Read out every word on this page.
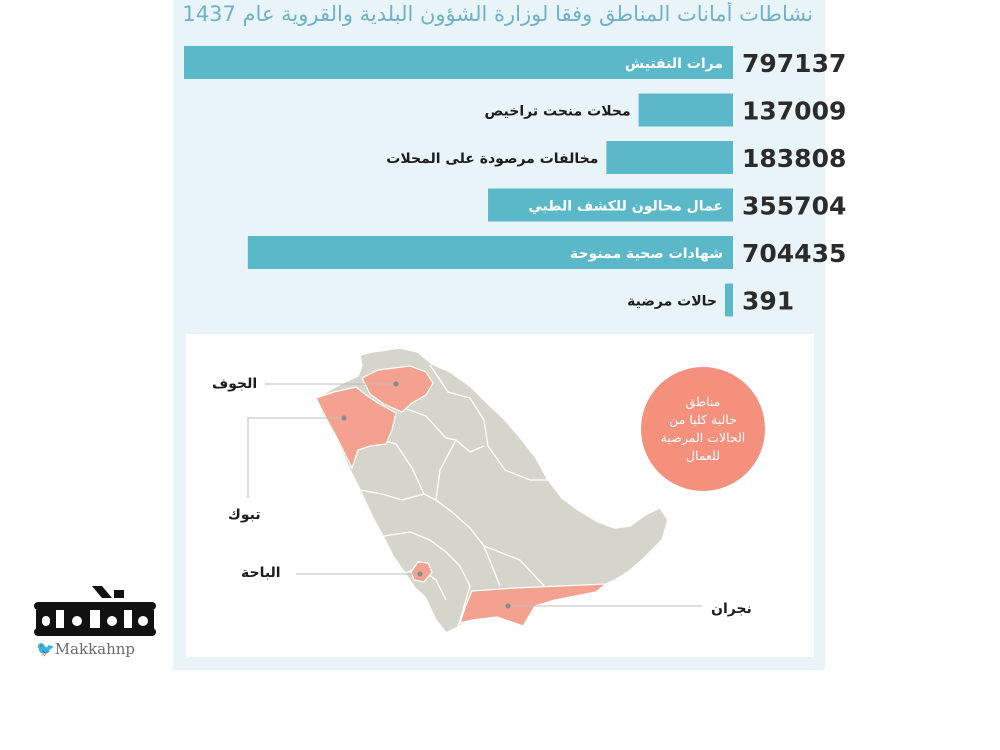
نشاطات أمانات المناطق وفقا لوزارة الشؤون البلدية والقروية عام 1437
797137
مرات التفتيش
137009
محلات منحت تراخيص
183808
مخالفات مرصودة على المحلات
355704
عمال محالون للكشف الطبي
704435
شهادات صحية ممنوحة
391
حالات مرضية
مناطق
خالية كليا من
الحالات المرضية
للعمال
الجوف
تبوك
الباحة
نجران
🐦Makkahnp
